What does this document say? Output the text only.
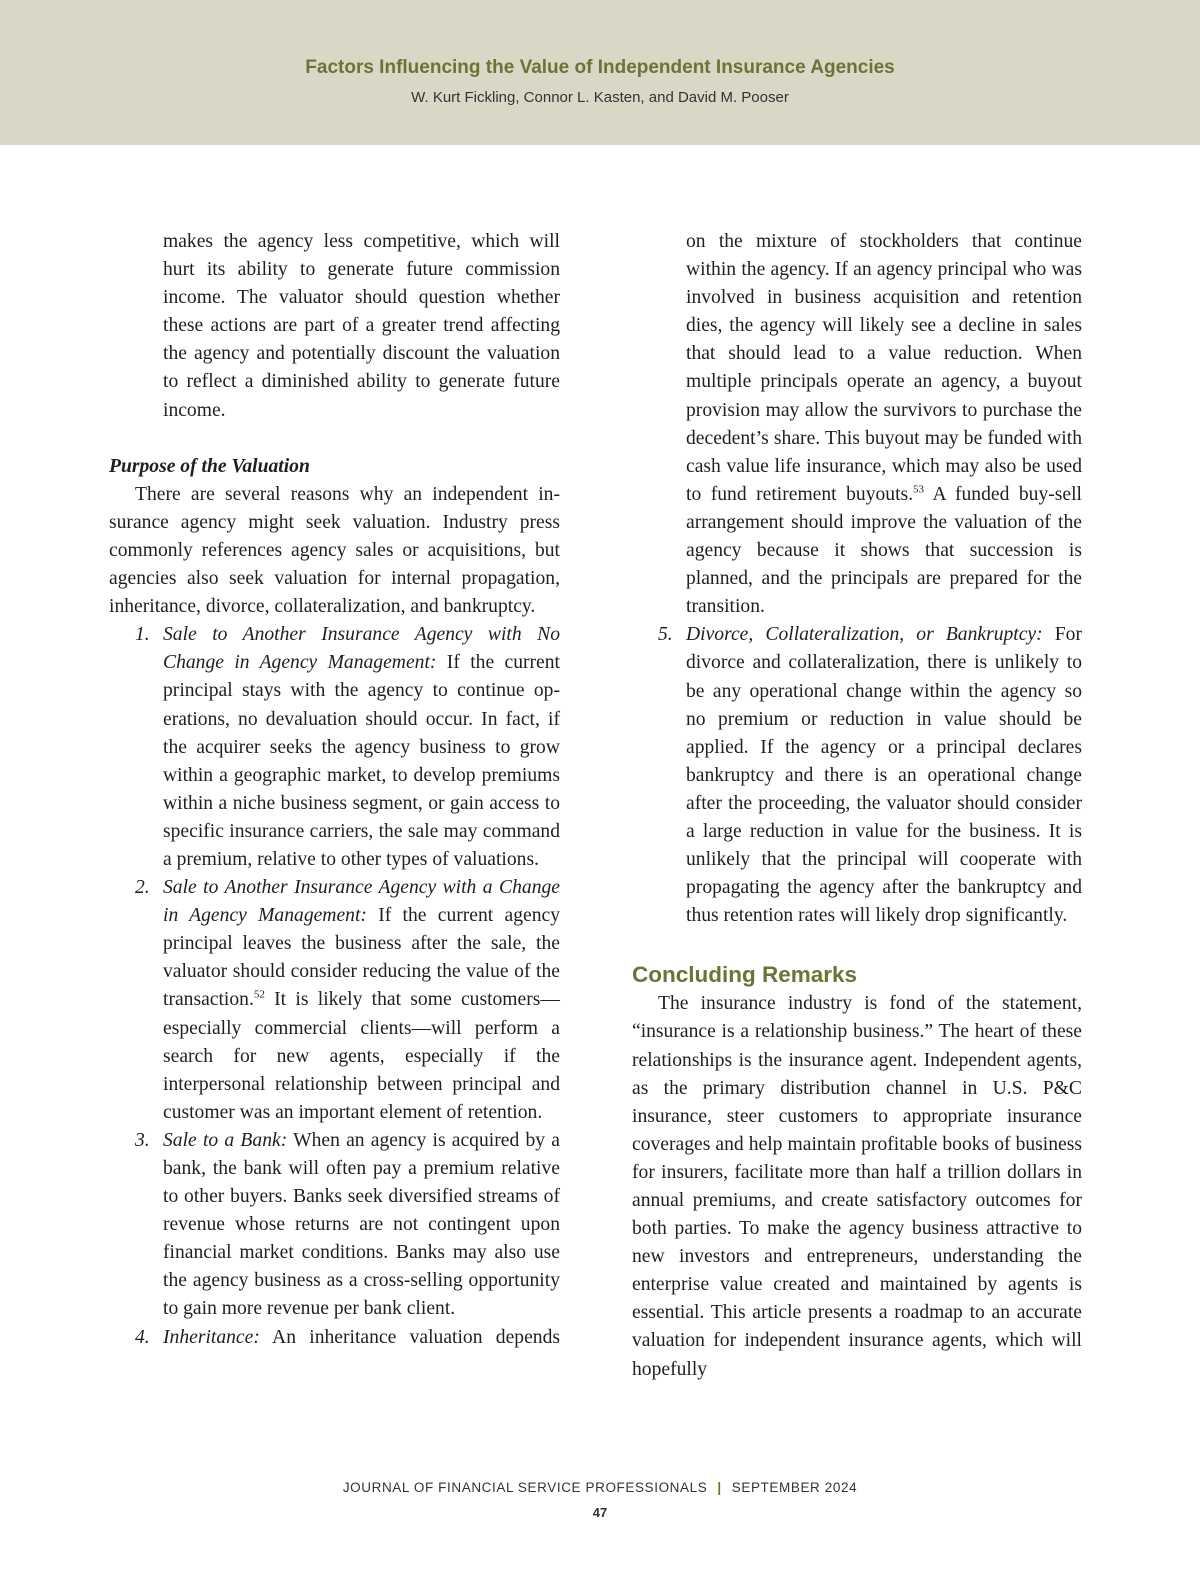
Factors Influencing the Value of Independent Insurance Agencies
W. Kurt Fickling, Connor L. Kasten, and David M. Pooser

makes the agency less competitive, which will hurt its ability to generate future commission income. The valuator should question whether these actions are part of a greater trend affecting the agency and potentially discount the valuation to reflect a diminished ability to generate future income.

Purpose of the Valuation

There are several reasons why an independent insurance agency might seek valuation. Industry press commonly references agency sales or acquisitions, but agencies also seek valuation for internal propagation, inheritance, divorce, collateralization, and bankruptcy.

1. Sale to Another Insurance Agency with No Change in Agency Management: If the current principal stays with the agency to continue operations, no devaluation should occur. In fact, if the acquirer seeks the agency business to grow within a geographic market, to develop premiums within a niche business segment, or gain access to specific insurance carriers, the sale may command a premium, relative to other types of valuations.
2. Sale to Another Insurance Agency with a Change in Agency Management: If the current agency principal leaves the business after the sale, the valuator should consider reducing the value of the transaction.$^{52}$ It is likely that some customers—especially commercial clients—will perform a search for new agents, especially if the interpersonal relationship between principal and customer was an important element of retention.
3. Sale to a Bank: When an agency is acquired by a bank, the bank will often pay a premium relative to other buyers. Banks seek diversified streams of revenue whose returns are not contingent upon financial market conditions. Banks may also use the agency business as a cross-selling opportunity to gain more revenue per bank client.
4. Inheritance: An inheritance valuation depends

on the mixture of stockholders that continue within the agency. If an agency principal who was involved in business acquisition and retention dies, the agency will likely see a decline in sales that should lead to a value reduction. When multiple principals operate an agency, a buyout provision may allow the survivors to purchase the decedent’s share. This buyout may be funded with cash value life insurance, which may also be used to fund retirement buyouts.$^{53}$ A funded buy-sell arrangement should improve the valuation of the agency because it shows that succession is planned, and the principals are prepared for the transition.

5. Divorce, Collateralization, or Bankruptcy: For divorce and collateralization, there is unlikely to be any operational change within the agency so no premium or reduction in value should be applied. If the agency or a principal declares bankruptcy and there is an operational change after the proceeding, the valuator should consider a large reduction in value for the business. It is unlikely that the principal will cooperate with propagating the agency after the bankruptcy and thus retention rates will likely drop significantly.

Concluding Remarks

The insurance industry is fond of the statement, “insurance is a relationship business.” The heart of these relationships is the insurance agent. Independent agents, as the primary distribution channel in U.S. P&C insurance, steer customers to appropriate insurance coverages and help maintain profitable books of business for insurers, facilitate more than half a trillion dollars in annual premiums, and create satisfactory outcomes for both parties. To make the agency business attractive to new investors and entrepreneurs, understanding the enterprise value created and maintained by agents is essential. This article presents a roadmap to an accurate valuation for independent insurance agents, which will hopefully

JOURNAL OF FINANCIAL SERVICE PROFESSIONALS | SEPTEMBER 2024
47
